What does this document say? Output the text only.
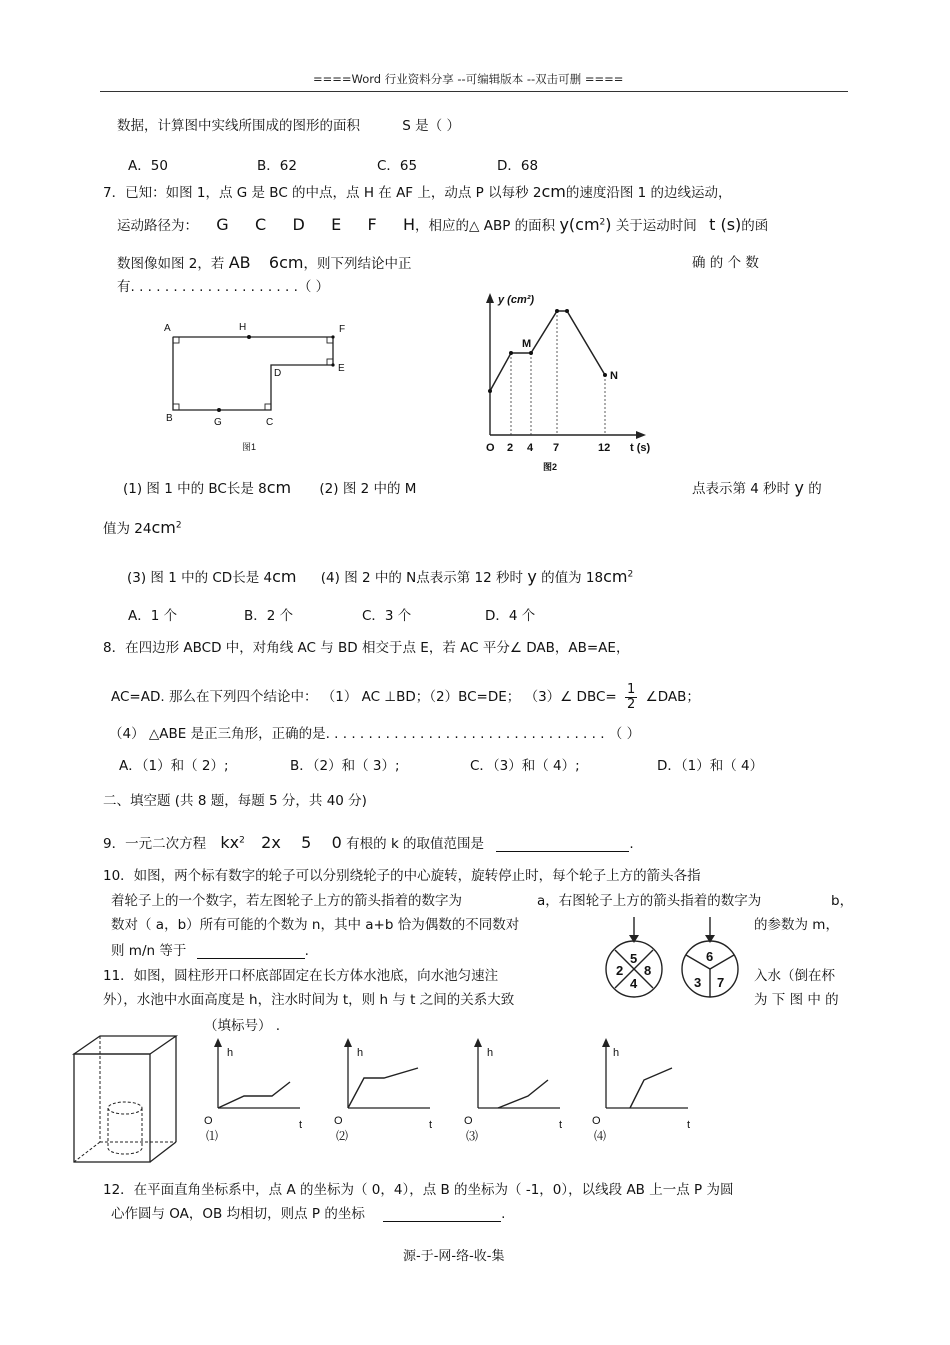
====Word 行业资料分享 --可编辑版本 --双击可删 ====
数据，计算图中实线所围成的图形的面积	S 是（ ）
A．50	B．62	C．65	D．68
7．已知：如图 1，点 G 是 BC 的中点，点 H 在 AF 上，动点 P 以每秒 2cm的速度沿图 1 的边线运动，
运动路径为： G C D E F H，相应的△ ABP 的面积 $y(cm^2)$ 关于运动时间 t (s)的函
数图像如图 2，若 AB 6cm，则下列结论中正	确 的 个 数
有. . . . . . . . . . . . . . . . . . . .（ ）
A	H	F
D	E
B	G	C
图1
y (cm²)
M
N
O 2 4 7	12 t (s)
图2
(1) 图 1 中的 BC长是 8cm (2) 图 2 中的 M	点表示第 4 秒时 y 的
值为 $24cm^2$
(3) 图 1 中的 CD长是 4cm (4) 图 2 中的 N点表示第 12 秒时 y 的值为 $18cm^2$
A．1 个	B．2 个	C．3 个	D．4 个
8．在四边形 ABCD 中，对角线 AC 与 BD 相交于点 E，若 AC 平分∠ DAB，AB=AE，
AC=AD. 那么在下列四个结论中： （1） AC ⊥BD；（2）BC=DE； （3）∠ $DBC= \frac{1}{2}$ ∠DAB；
（4） △ABE 是正三角形，正确的是. . . . . . . . . . . . . . . . . . . . . . . . . . . . . . . . . （ ）
A．（1）和（ 2）;	B．（2）和（ 3）;	C．（3）和（ 4）;	D．（1）和（ 4）
二、填空题 (共 8 题，每题 5 分，共 40 分)
9．一元二次方程 $kx^2$ 2x    5    0 有根的 k 的取值范围是	.
10．如图，两个标有数字的轮子可以分别绕轮子的中心旋转，旋转停止时，每个轮子上方的箭头各指
着轮子上的一个数字，若左图轮子上方的箭头指着的数字为	a，右图轮子上方的箭头指着的数字为	b，
数对（ a，b）所有可能的个数为 n，其中 a+b 恰为偶数的不同数对	的参数为 m，
则 m/n 等于	.	5
2 8
4
6
3 7
11．如图，圆柱形开口杯底部固定在长方体水池底，向水池匀速注	入水（倒在杯
外），水池中水面高度是 h，注水时间为 t，则 h 与 t 之间的关系大致	为 下 图 中 的
（填标号） .
h
O	t
⑴
h
O	t
⑵
h
O	t
⑶
h
O	t
⑷
12．在平面直角坐标系中，点 A 的坐标为（ 0，4），点 B 的坐标为（ -1，0），以线段 AB 上一点 P 为圆
心作圆与 OA，OB 均相切，则点 P 的坐标	.
源-于-网-络-收-集
